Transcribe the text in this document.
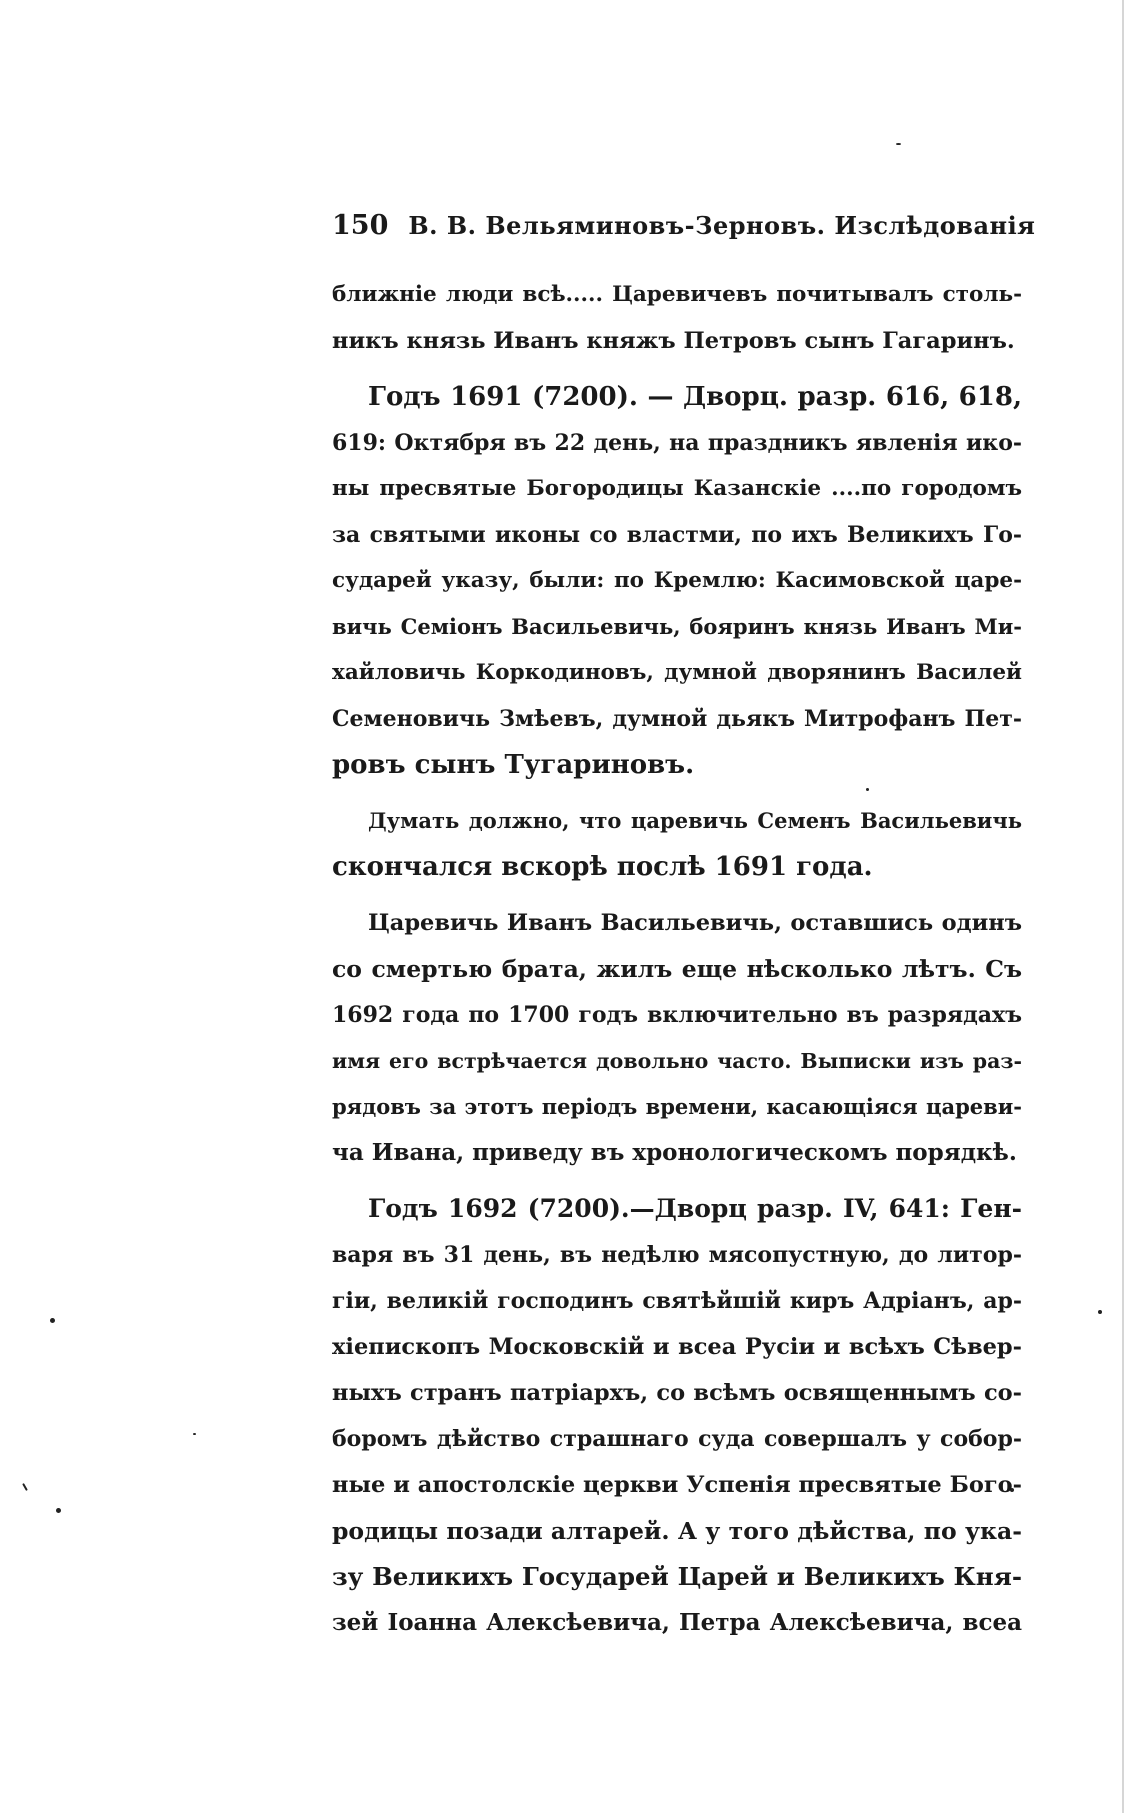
150 В. В. Вельяминовъ-Зерновъ. Изслѣдованія
ближніе люди всѣ..... Царевичевъ почитывалъ столь-
никъ князь Иванъ княжъ Петровъ сынъ Гагаринъ.
Годъ 1691 (7200). — Дворц. разр. 616, 618,
619: Октября въ 22 день, на праздникъ явленія ико-
ны пресвятые Богородицы Казанскіе ....по городомъ
за святыми иконы со властми, по ихъ Великихъ Го-
сударей указу, были: по Кремлю: Касимовской царе-
вичь Семіонъ Васильевичь, бояринъ князь Иванъ Ми-
хайловичь Коркодиновъ, думной дворянинъ Василей
Семеновичь Змѣевъ, думной дьякъ Митрофанъ Пет-
ровъ сынъ Тугариновъ.
Думать должно, что царевичь Семенъ Васильевичь
скончался вскорѣ послѣ 1691 года.
Царевичь Иванъ Васильевичь, оставшись одинъ
со смертью брата, жилъ еще нѣсколько лѣтъ. Съ
1692 года по 1700 годъ включительно въ разрядахъ
имя его встрѣчается довольно часто. Выписки изъ раз-
рядовъ за этотъ періодъ времени, касающіяся цареви-
ча Ивана, приведу въ хронологическомъ порядкѣ.
Годъ 1692 (7200).—Дворц разр. IV, 641: Ген-
варя въ 31 день, въ недѣлю мясопустную, до литор-
гіи, великій господинъ святѣйшій киръ Адріанъ, ар-
хіепископъ Московскій и всеа Русіи и всѣхъ Сѣвер-
ныхъ странъ патріархъ, со всѣмъ освященнымъ со-
боромъ дѣйство страшнаго суда совершалъ у собор-
ные и апостолскіе церкви Успенія пресвятые Бого-
родицы позади алтарей. А у того дѣйства, по ука-
зу Великихъ Государей Царей и Великихъ Кня-
зей Іоанна Алексѣевича, Петра Алексѣевича, всеа
